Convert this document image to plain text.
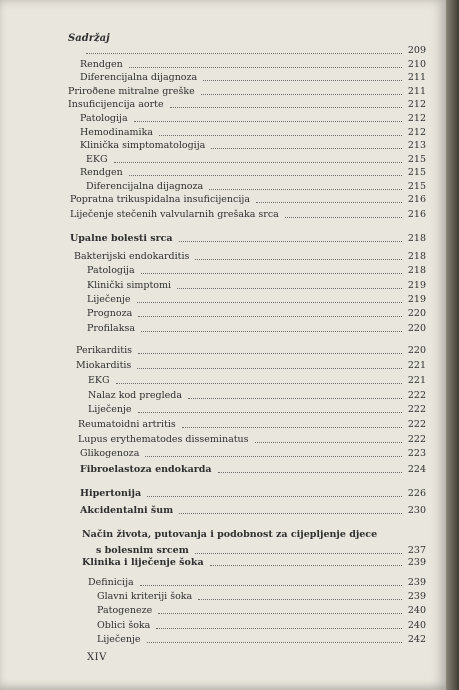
Sadržaj
209
Rendgen	210
Diferencijalna dijagnoza	211
Priroðene mitralne greške	211
Insuficijencija aorte	212
Patologija	212
Hemodinamika	212
Klinička simptomatologija	213
EKG	215
Rendgen	215
Diferencijalna dijagnoza	215
Popratna trikuspidalna insuficijencija	216
Liječenje stečenih valvularnih grešaka srca	216
Upalne bolesti srca	218
Bakterijski endokarditis	218
Patologija	218
Klinički simptomi	219
Liječenje	219
Prognoza	220
Profilaksa	220
Perikarditis	220
Miokarditis	221
EKG	221
Nalaz kod pregleda	222
Liječenje	222
Reumatoidni artritis	222
Lupus erythematodes disseminatus	222
Glikogenoza	223
Fibroelastoza endokarda	224
Hipertonija	226
Akcidentalni šum	230
Način života, putovanja i podobnost za cijepljenje djece
s bolesnim srcem	237
Klinika i liječenje šoka	239
Definicija	239
Glavni kriteriji šoka	239
Patogeneze	240
Oblici šoka	240
Liječenje	242
XIV
